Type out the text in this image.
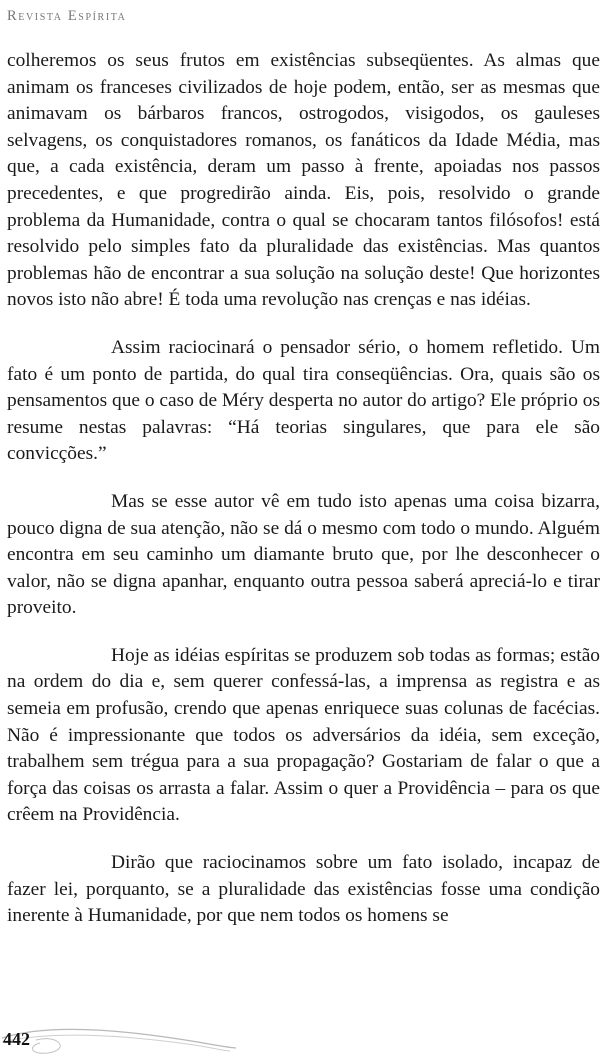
Revista Espírita

colheremos os seus frutos em existências subseqüentes. As almas que animam os franceses civilizados de hoje podem, então, ser as mesmas que animavam os bárbaros francos, ostrogodos, visigodos, os gauleses selvagens, os conquistadores romanos, os fanáticos da Idade Média, mas que, a cada existência, deram um passo à frente, apoiadas nos passos precedentes, e que progredirão ainda. Eis, pois, resolvido o grande problema da Humanidade, contra o qual se chocaram tantos filósofos! está resolvido pelo simples fato da pluralidade das existências. Mas quantos problemas hão de encontrar a sua solução na solução deste! Que horizontes novos isto não abre! É toda uma revolução nas crenças e nas idéias.

Assim raciocinará o pensador sério, o homem refletido. Um fato é um ponto de partida, do qual tira conseqüências. Ora, quais são os pensamentos que o caso de Méry desperta no autor do artigo? Ele próprio os resume nestas palavras: “Há teorias singulares, que para ele são convicções.”

Mas se esse autor vê em tudo isto apenas uma coisa bizarra, pouco digna de sua atenção, não se dá o mesmo com todo o mundo. Alguém encontra em seu caminho um diamante bruto que, por lhe desconhecer o valor, não se digna apanhar, enquanto outra pessoa saberá apreciá-lo e tirar proveito.

Hoje as idéias espíritas se produzem sob todas as formas; estão na ordem do dia e, sem querer confessá-las, a imprensa as registra e as semeia em profusão, crendo que apenas enriquece suas colunas de facécias. Não é impressionante que todos os adversários da idéia, sem exceção, trabalhem sem trégua para a sua propagação? Gostariam de falar o que a força das coisas os arrasta a falar. Assim o quer a Providência – para os que crêem na Providência.

Dirão que raciocinamos sobre um fato isolado, incapaz de fazer lei, porquanto, se a pluralidade das existências fosse uma condição inerente à Humanidade, por que nem todos os homens se

442
